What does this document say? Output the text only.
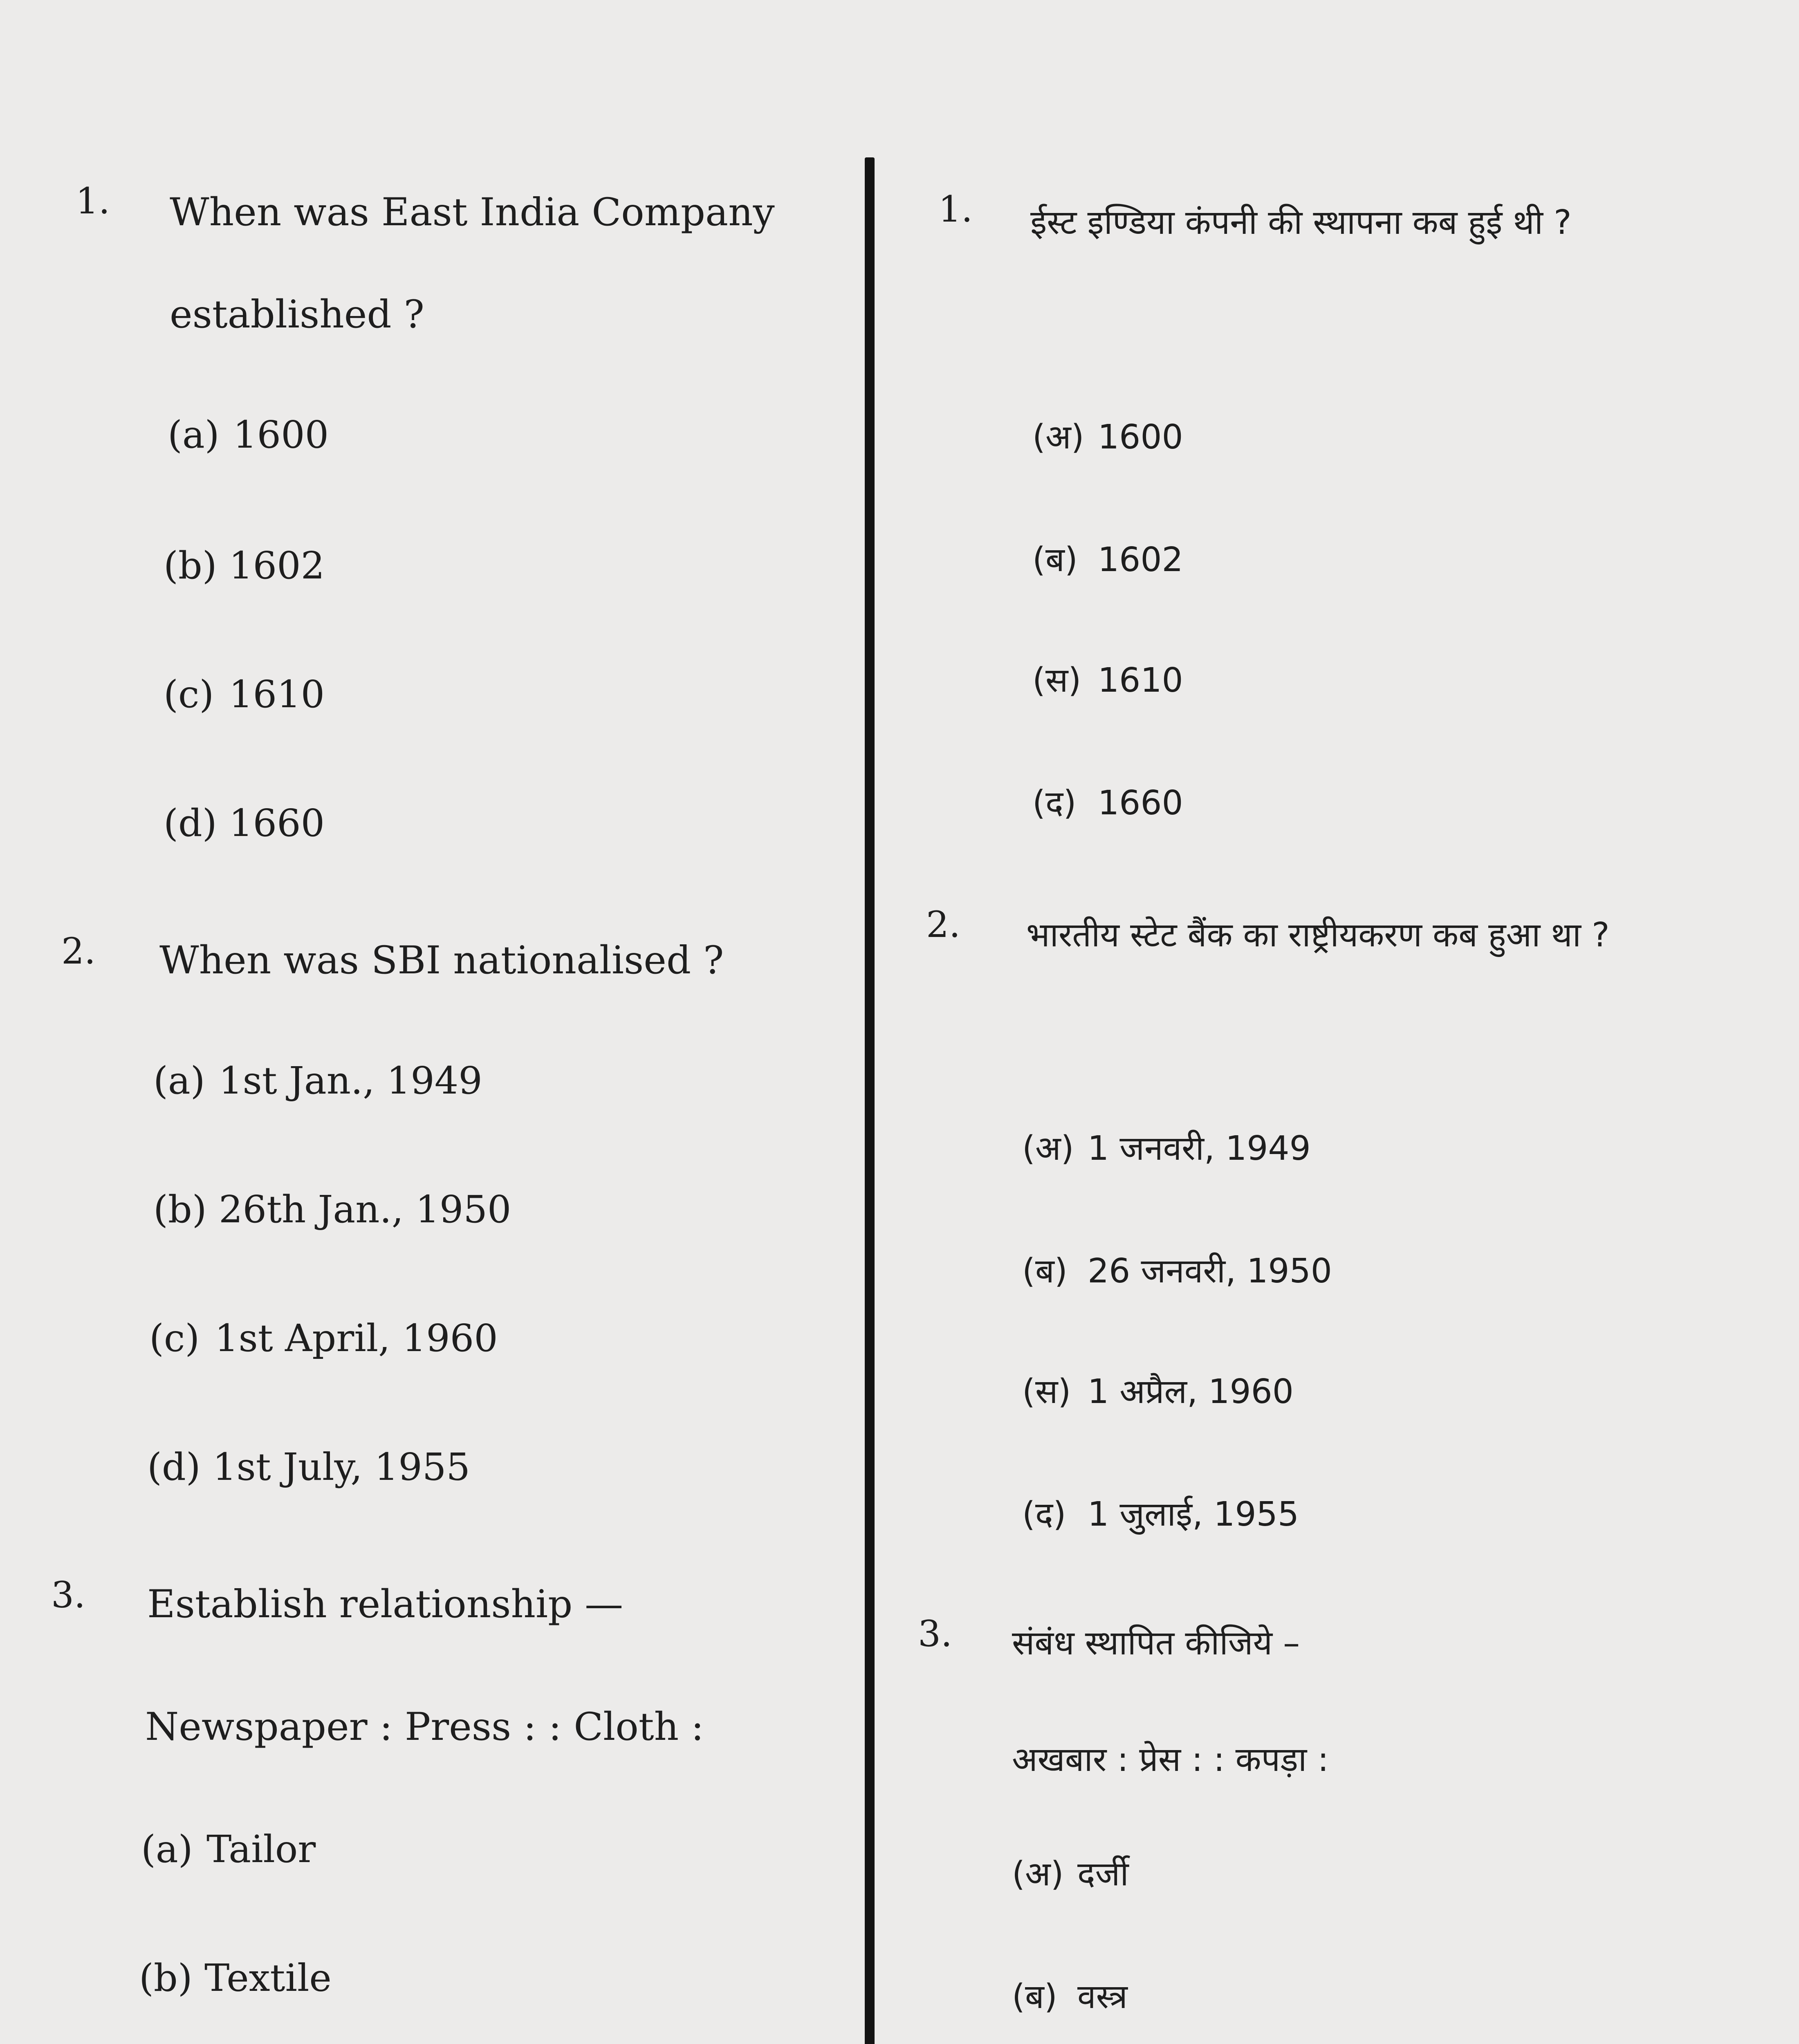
1. When was East India Company established ?
(a) 1600
(b) 1602
(c) 1610
(d) 1660
2. When was SBI nationalised ?
(a) 1st Jan., 1949
(b) 26th Jan., 1950
(c) 1st April, 1960
(d) 1st July, 1955
3. Establish relationship —
Newspaper : Press : : Cloth :
(a) Tailor
(b) Textile
1. ईस्ट इण्डिया कंपनी की स्थापना कब हुई थी ?
(अ) 1600
(ब) 1602
(स) 1610
(द) 1660
2. भारतीय स्टेट बैंक का राष्ट्रीयकरण कब हुआ था ?
(अ) 1 जनवरी, 1949
(ब) 26 जनवरी, 1950
(स) 1 अप्रैल, 1960
(द) 1 जुलाई, 1955
3. संबंध स्थापित कीजिये –
अखबार : प्रेस : : कपड़ा :
(अ) दर्जी
(ब) वस्त्र
